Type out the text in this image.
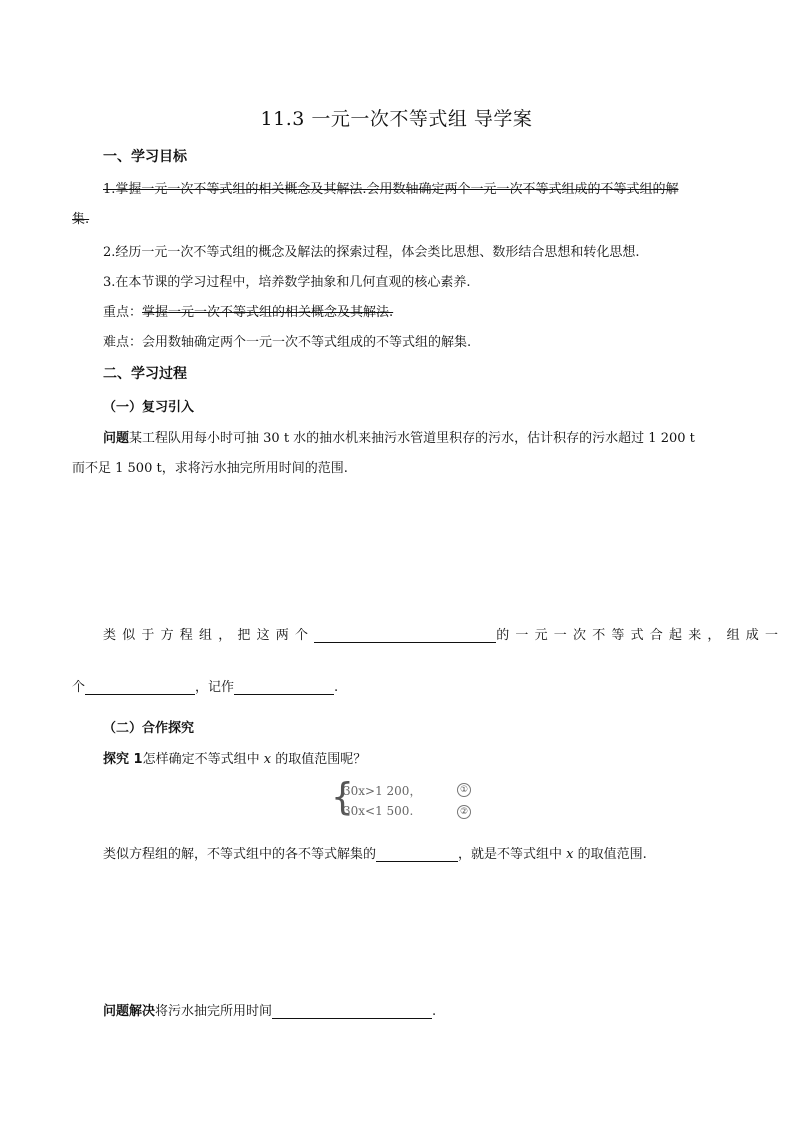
11.3 一元一次不等式组 导学案
一、学习目标
1.掌握一元一次不等式组的相关概念及其解法.会用数轴确定两个一元一次不等式组成的不等式组的解
集.
2.经历一元一次不等式组的概念及解法的探索过程，体会类比思想、数形结合思想和转化思想.
3.在本节课的学习过程中，培养数学抽象和几何直观的核心素养.
重点：掌握一元一次不等式组的相关概念及其解法.
难点：会用数轴确定两个一元一次不等式组成的不等式组的解集.
二、学习过程
（一）复习引入
问题某工程队用每小时可抽 30 t 水的抽水机来抽污水管道里积存的污水，估计积存的污水超过 1 200 t
而不足 1 500 t，求将污水抽完所用时间的范围.
类似于方程组，把这两个	的一元一次不等式合起来，组成一
个	，记作	.
（二）合作探究
探究 1怎样确定不等式组中 x 的取值范围呢？
{
30x>1 200，
30x<1 500.
①
②
类似方程组的解，不等式组中的各不等式解集的	，就是不等式组中 x 的取值范围.
问题解决将污水抽完所用时间	.
